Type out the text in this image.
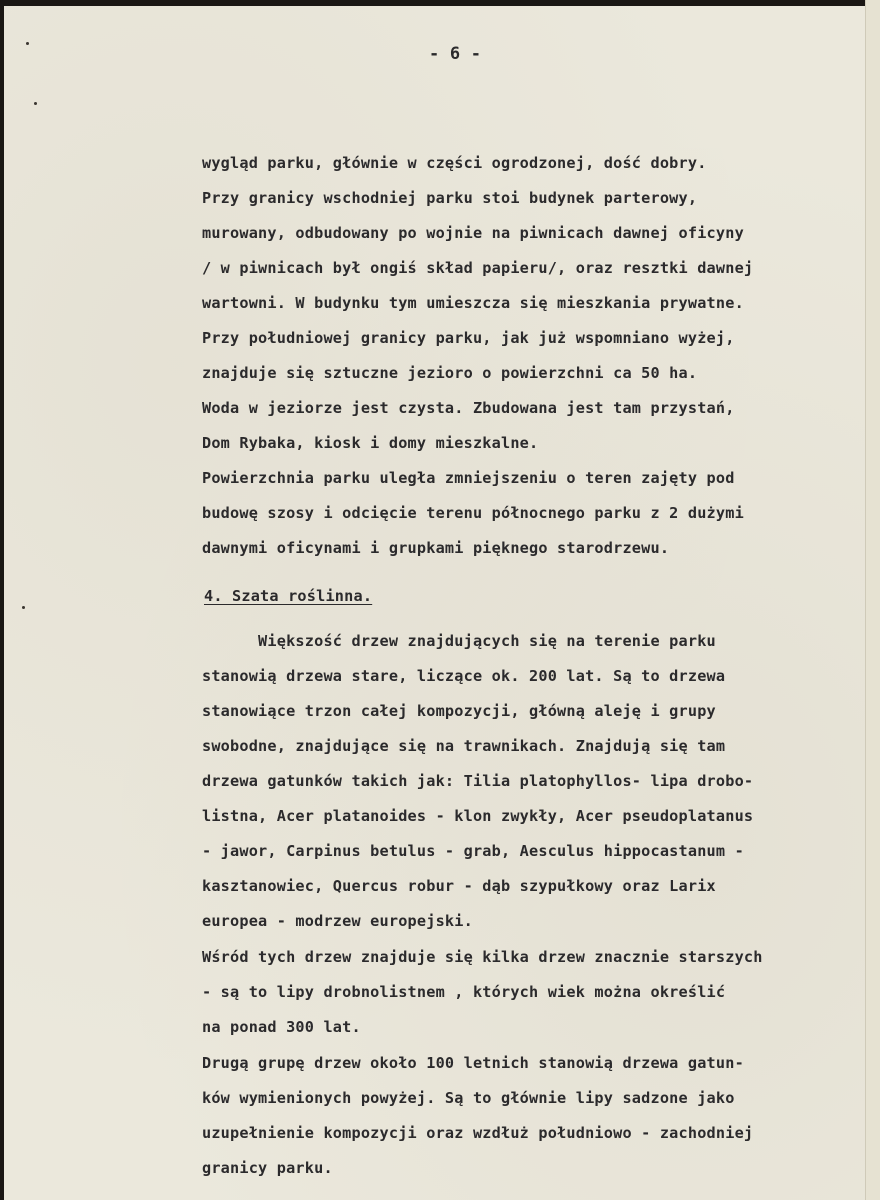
- 6 -
wygląd parku, głównie w części ogrodzonej, dość dobry.
Przy granicy wschodniej parku stoi budynek parterowy,
murowany, odbudowany po wojnie na piwnicach dawnej oficyny
/ w piwnicach był ongiś skład papieru/, oraz resztki dawnej
wartowni. W budynku tym umieszcza się mieszkania prywatne.
Przy południowej granicy parku, jak już wspomniano wyżej,
znajduje się sztuczne jezioro o powierzchni ca 50 ha.
Woda w jeziorze jest czysta. Zbudowana jest tam przystań,
Dom Rybaka, kiosk i domy mieszkalne.
Powierzchnia parku uległa zmniejszeniu o teren zajęty pod
budowę szosy i odcięcie terenu północnego parku z 2 dużymi
dawnymi oficynami i grupkami pięknego starodrzewu.
4. Szata roślinna.
Większość drzew znajdujących się na terenie parku
stanowią drzewa stare, liczące ok. 200 lat. Są to drzewa
stanowiące trzon całej kompozycji, główną aleję i grupy
swobodne, znajdujące się na trawnikach. Znajdują się tam
drzewa gatunków takich jak: Tilia platophyllos- lipa drobo-
listna, Acer platanoides - klon zwykły, Acer pseudoplatanus
- jawor, Carpinus betulus - grab, Aesculus hippocastanum -
kasztanowiec, Quercus robur - dąb szypułkowy oraz Larix
europea - modrzew europejski.
Wśród tych drzew znajduje się kilka drzew znacznie starszych
- są to lipy drobnolistnem , których wiek można określić
na ponad 300 lat.
Drugą grupę drzew około 100 letnich stanowią drzewa gatun-
ków wymienionych powyżej. Są to głównie lipy sadzone jako
uzupełnienie kompozycji oraz wzdłuż południowo - zachodniej
granicy parku.
